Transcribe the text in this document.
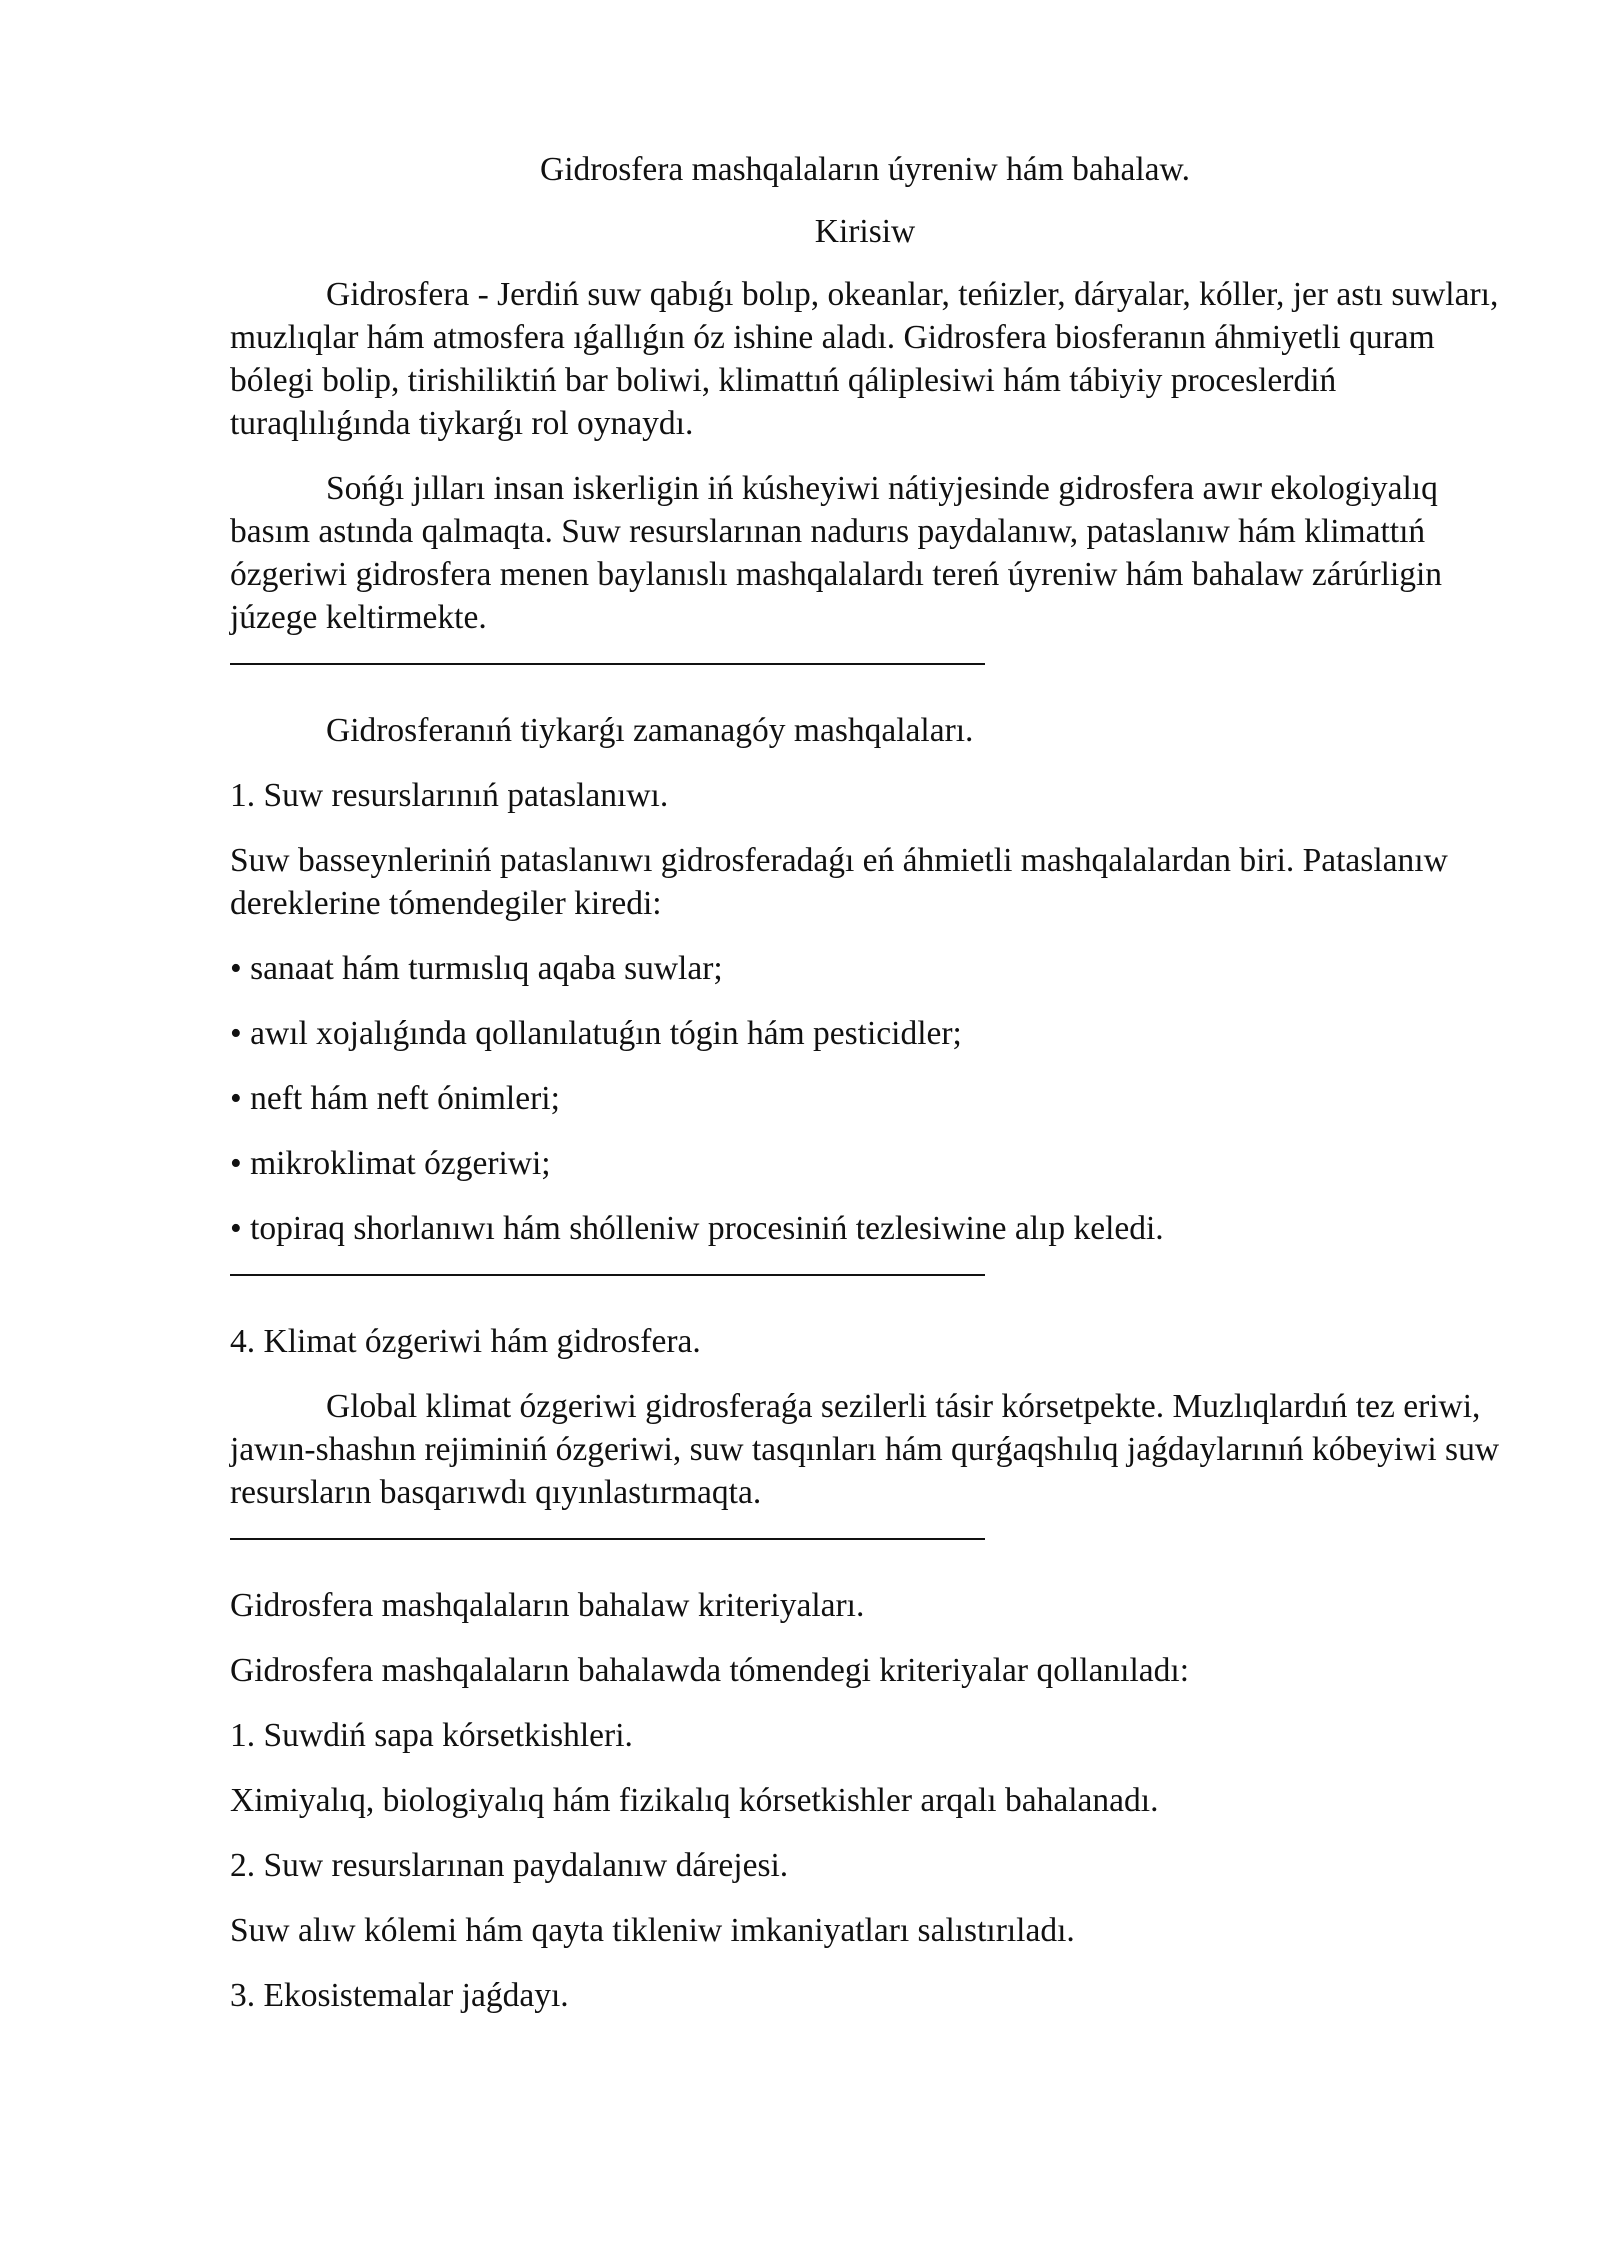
Gidrosfera mashqalaların úyreniw hám bahalaw.

Kirisiw

Gidrosfera - Jerdiń suw qabıǵı bolıp, okeanlar, teńizler, dáryalar, kóller, jer astı suwları, muzlıqlar hám atmosfera ıǵallıǵın óz ishine aladı. Gidrosfera biosferanın áhmiyetli quram bólegi bolip, tirishiliktiń bar boliwi, klimattıń qáliplesiwi hám tábiyiy proceslerdiń turaqlılıǵında tiykarǵı rol oynaydı.

Sońǵı jılları insan iskerligin iń kúsheyiwi nátiyjesinde gidrosfera awır ekologiyalıq basım astında qalmaqta. Suw resurslarınan nadurıs paydalanıw, pataslanıw hám klimattıń ózgeriwi gidrosfera menen baylanıslı mashqalalardı tereń úyreniw hám bahalaw zárúrligin júzege keltirmekte.

Gidrosferanıń tiykarǵı zamanagóy mashqalaları.

1. Suw resurslarınıń pataslanıwı.

Suw basseynleriniń pataslanıwı gidrosferadaǵı eń áhmietli mashqalalardan biri. Pataslanıw dereklerine tómendegiler kiredi:

• sanaat hám turmıslıq aqaba suwlar;

• awıl xojalıǵında qollanılatuǵın tógin hám pesticidler;

• neft hám neft ónimleri;

• mikroklimat ózgeriwi;

• topiraq shorlanıwı hám shólleniw procesiniń tezlesiwine alıp keledi.

4. Klimat ózgeriwi hám gidrosfera.

Global klimat ózgeriwi gidrosferaǵa sezilerli tásir kórsetpekte. Muzlıqlardıń tez eriwi, jawın-shashın rejiminiń ózgeriwi, suw tasqınları hám qurǵaqshılıq jaǵdaylarınıń kóbeyiwi suw resursların basqarıwdı qıyınlastırmaqta.

Gidrosfera mashqalaların bahalaw kriteriyaları.

Gidrosfera mashqalaların bahalawda tómendegi kriteriyalar qollanıladı:

1. Suwdiń sapa kórsetkishleri.

Ximiyalıq, biologiyalıq hám fizikalıq kórsetkishler arqalı bahalanadı.

2. Suw resurslarınan paydalanıw dárejesi.

Suw alıw kólemi hám qayta tikleniw imkaniyatları salıstırıladı.

3. Ekosistemalar jaǵdayı.
